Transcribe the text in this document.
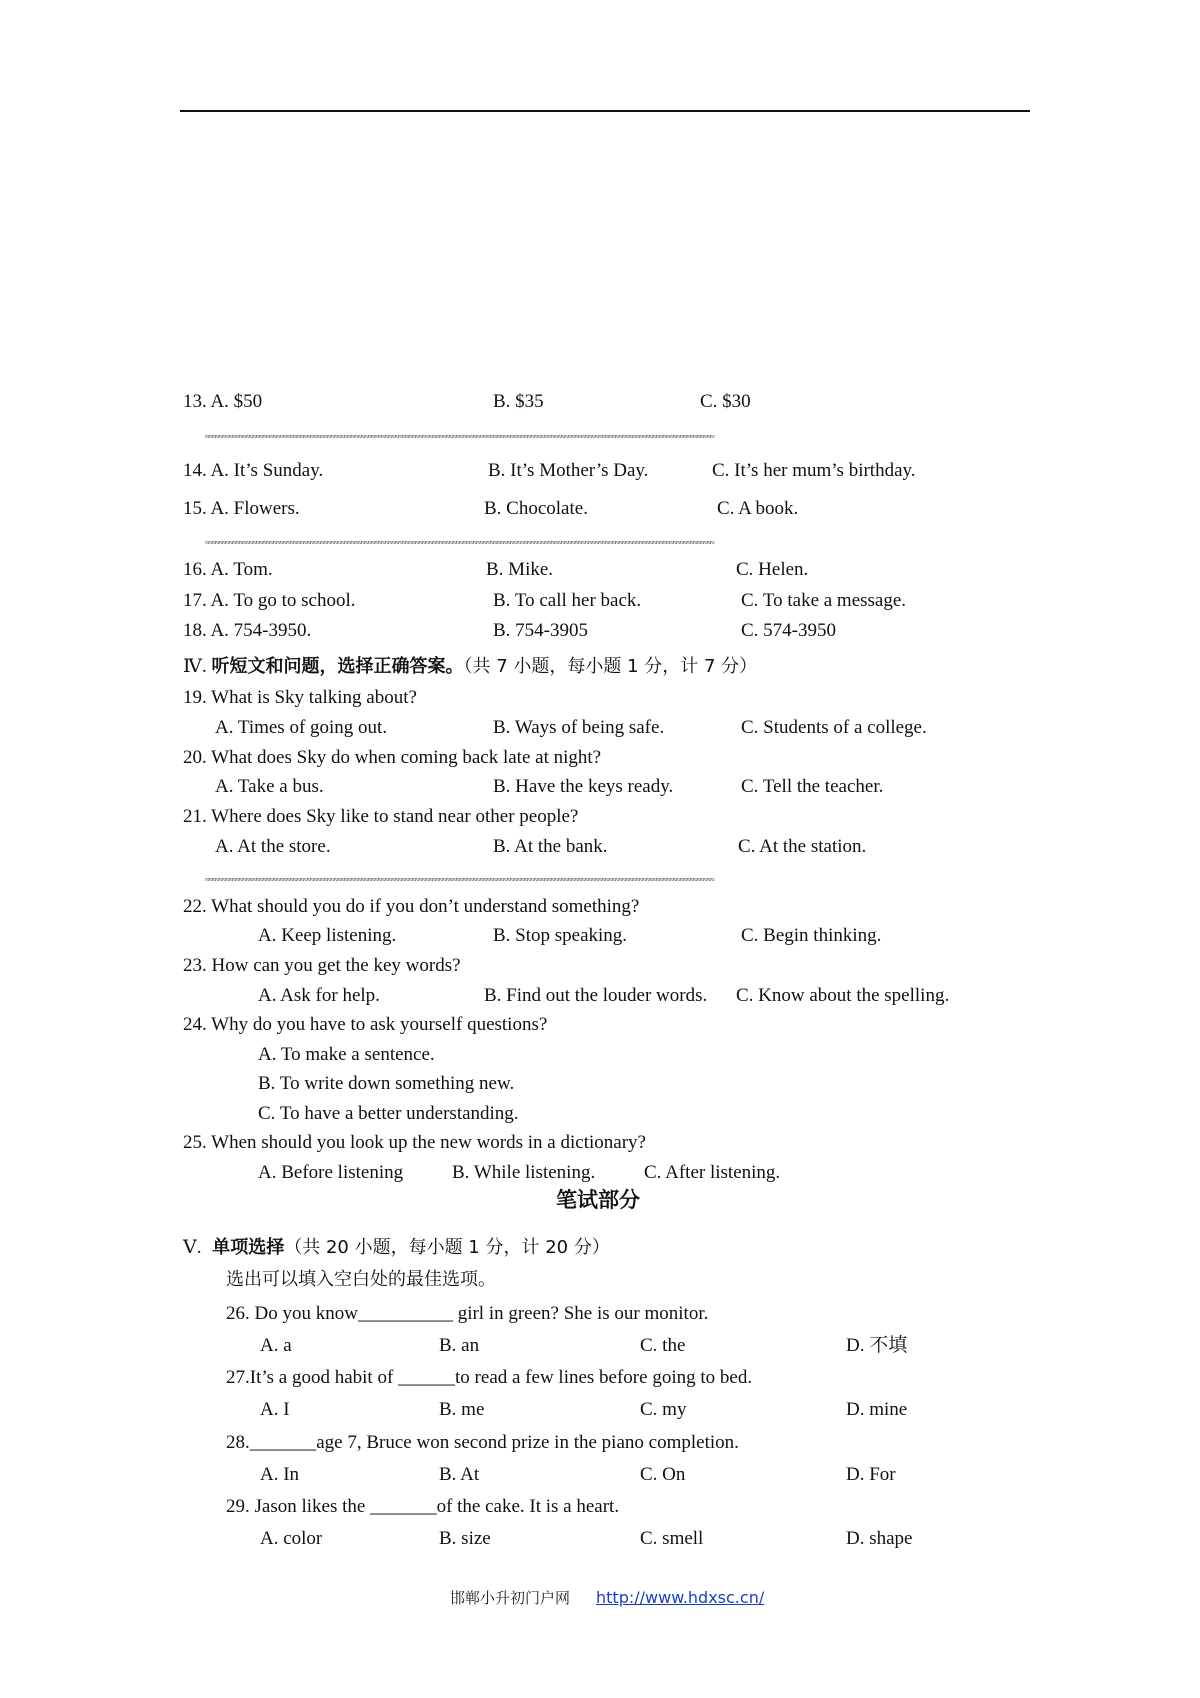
13. A. $50	B. $35	C. $30
≈≈≈≈≈≈≈≈≈≈≈≈≈≈≈≈≈≈≈≈≈≈≈≈≈≈≈≈≈≈≈≈≈≈≈≈≈≈≈≈≈≈≈≈≈≈≈≈≈≈≈≈≈≈≈≈≈≈≈≈≈≈≈≈≈≈≈≈≈≈≈≈≈≈≈≈≈≈≈≈≈≈≈≈≈≈≈≈≈≈≈≈≈≈≈≈≈≈≈≈≈≈≈≈≈≈≈≈≈≈≈≈≈≈≈≈≈≈≈≈≈≈≈≈≈≈≈≈≈≈≈≈≈≈≈≈≈≈≈≈≈≈≈≈≈≈≈≈≈≈
14. A. It’s Sunday.	B. It’s Mother’s Day.	C. It’s her mum’s birthday.
15. A. Flowers.	B. Chocolate.	C. A book.
≈≈≈≈≈≈≈≈≈≈≈≈≈≈≈≈≈≈≈≈≈≈≈≈≈≈≈≈≈≈≈≈≈≈≈≈≈≈≈≈≈≈≈≈≈≈≈≈≈≈≈≈≈≈≈≈≈≈≈≈≈≈≈≈≈≈≈≈≈≈≈≈≈≈≈≈≈≈≈≈≈≈≈≈≈≈≈≈≈≈≈≈≈≈≈≈≈≈≈≈≈≈≈≈≈≈≈≈≈≈≈≈≈≈≈≈≈≈≈≈≈≈≈≈≈≈≈≈≈≈≈≈≈≈≈≈≈≈≈≈≈≈≈≈≈≈≈≈≈≈
16. A. Tom.	B. Mike.	C. Helen.
17. A. To go to school.	B. To call her back.	C. To take a message.
18. A. 754-3950.	B. 754-3905	C. 574-3950
Ⅳ. 听短文和问题，选择正确答案。（共 7 小题，每小题 1 分，计 7 分）
19. What is Sky talking about?
A. Times of going out.	B. Ways of being safe.	C. Students of a college.
20. What does Sky do when coming back late at night?
A. Take a bus.	B. Have the keys ready.	C. Tell the teacher.
21. Where does Sky like to stand near other people?
A. At the store.	B. At the bank.	C. At the station.
≈≈≈≈≈≈≈≈≈≈≈≈≈≈≈≈≈≈≈≈≈≈≈≈≈≈≈≈≈≈≈≈≈≈≈≈≈≈≈≈≈≈≈≈≈≈≈≈≈≈≈≈≈≈≈≈≈≈≈≈≈≈≈≈≈≈≈≈≈≈≈≈≈≈≈≈≈≈≈≈≈≈≈≈≈≈≈≈≈≈≈≈≈≈≈≈≈≈≈≈≈≈≈≈≈≈≈≈≈≈≈≈≈≈≈≈≈≈≈≈≈≈≈≈≈≈≈≈≈≈≈≈≈≈≈≈≈≈≈≈≈≈≈≈≈≈≈≈≈≈
22. What should you do if you don’t understand something?
A. Keep listening.	B. Stop speaking.	C. Begin thinking.
23. How can you get the key words?
A. Ask for help.	B. Find out the louder words. C. Know about the spelling.
24. Why do you have to ask yourself questions?
A. To make a sentence.
B. To write down something new.
C. To have a better understanding.
25. When should you look up the new words in a dictionary?
A. Before listening	B. While listening.	C. After listening.
笔试部分
Ⅴ. 单项选择（共 20 小题，每小题 1 分，计 20 分）
选出可以填入空白处的最佳选项。
26. Do you know__________ girl in green? She is our monitor.
A. a	B. an	C. the	D. 不填
27.It’s a good habit of ______to read a few lines before going to bed.
A. I	B. me	C. my	D. mine
28._______age 7, Bruce won second prize in the piano completion.
A. In	B. At	C. On	D. For
29. Jason likes the _______of the cake. It is a heart.
A. color	B. size	C. smell	D. shape
邯郸小升初门户网 http://www.hdxsc.cn/
